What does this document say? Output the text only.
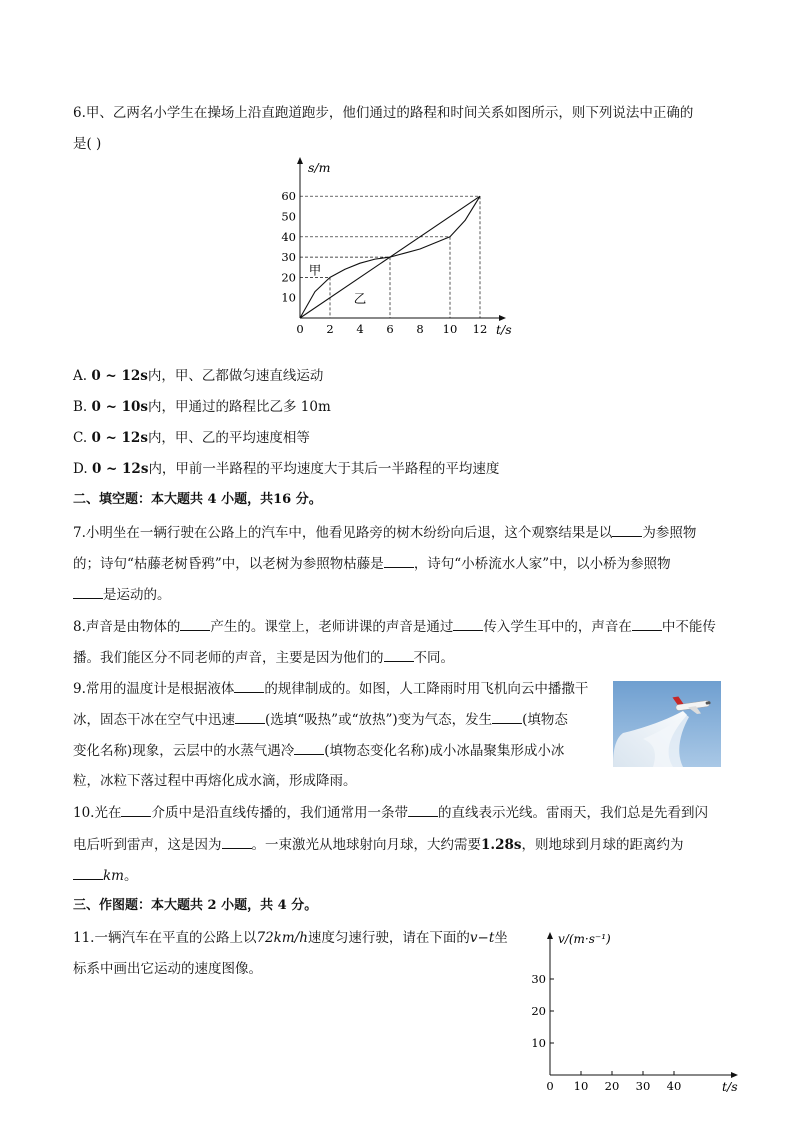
6.甲、乙两名小学生在操场上沿直跑道跑步，他们通过的路程和时间关系如图所示，则下列说法中正确的
是( )
10
20
30
40
50
60
0 2 4 6 8 10 12
s/m
t/s
甲
乙
A. 0 ~ 12s内，甲、乙都做匀速直线运动
B. 0 ~ 10s内，甲通过的路程比乙多 10m
C. 0 ~ 12s内，甲、乙的平均速度相等
D. 0 ~ 12s内，甲前一半路程的平均速度大于其后一半路程的平均速度
二、填空题：本大题共 4 小题，共16 分。
7.小明坐在一辆行驶在公路上的汽车中，他看见路旁的树木纷纷向后退，这个观察结果是以 为参照物
的；诗句“枯藤老树昏鸦”中，以老树为参照物枯藤是 ，诗句“小桥流水人家”中，以小桥为参照物
是运动的。
8.声音是由物体的 产生的。课堂上，老师讲课的声音是通过 传入学生耳中的，声音在 中不能传
播。我们能区分不同老师的声音，主要是因为他们的 不同。
9.常用的温度计是根据液体 的规律制成的。如图，人工降雨时用飞机向云中播撒干
冰，固态干冰在空气中迅速 (选填“吸热”或“放热”)变为气态，发生 (填物态
变化名称)现象，云层中的水蒸气遇冷 (填物态变化名称)成小冰晶聚集形成小冰
粒，冰粒下落过程中再熔化成水滴，形成降雨。
10.光在 介质中是沿直线传播的，我们通常用一条带 的直线表示光线。雷雨天，我们总是先看到闪
电后听到雷声，这是因为 。一束激光从地球射向月球，大约需要1.28s，则地球到月球的距离约为
km。
三、作图题：本大题共 2 小题，共 4 分。
11.一辆汽车在平直的公路上以72km/h速度匀速行驶，请在下面的v−t坐
标系中画出它运动的速度图像。
10
20
30
0 10 20 30 40
v/(m·s⁻¹)
t/s
